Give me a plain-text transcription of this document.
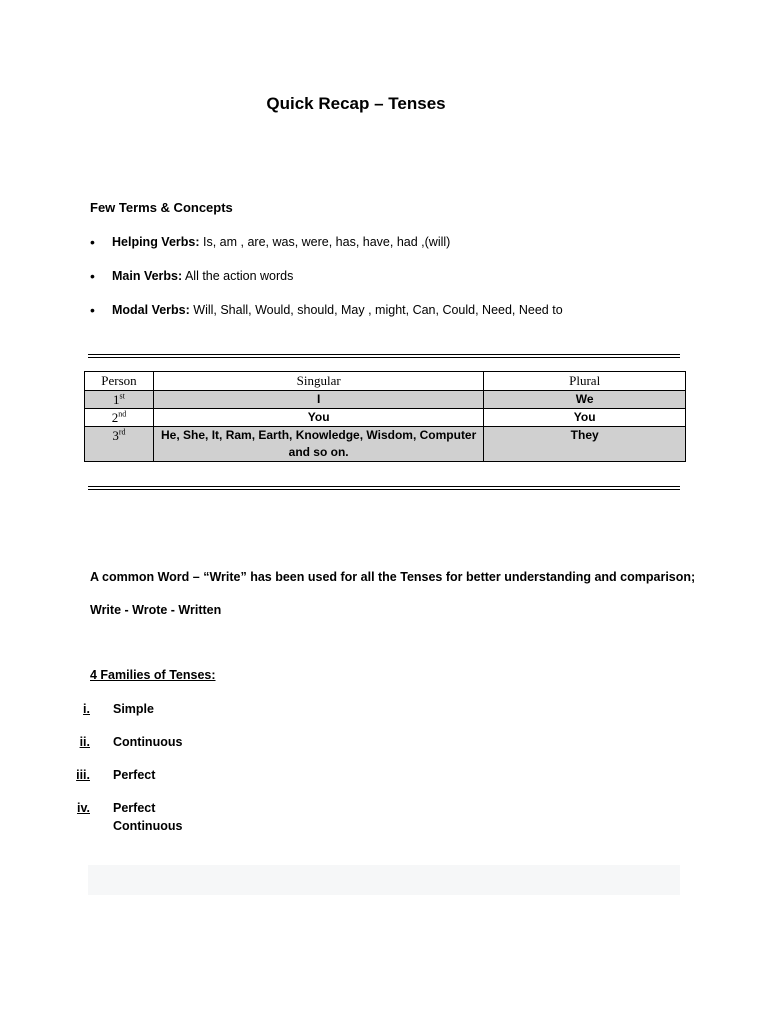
Quick Recap – Tenses
Few Terms & Concepts
• Helping Verbs: Is, am , are, was, were, has, have, had ,(will)
• Main Verbs: All the action words
• Modal Verbs: Will, Shall, Would, should, May , might, Can, Could, Need, Need to
Person	Singular	Plural
1st	I	We
2nd	You	You
3rd	He, She, It, Ram, Earth, Knowledge, Wisdom, Computer and so on.	They
A common Word – “Write” has been used for all the Tenses for better understanding and comparison;
Write - Wrote - Written
4 Families of Tenses:
i. Simple
ii. Continuous
iii. Perfect
iv. Perfect Continuous
